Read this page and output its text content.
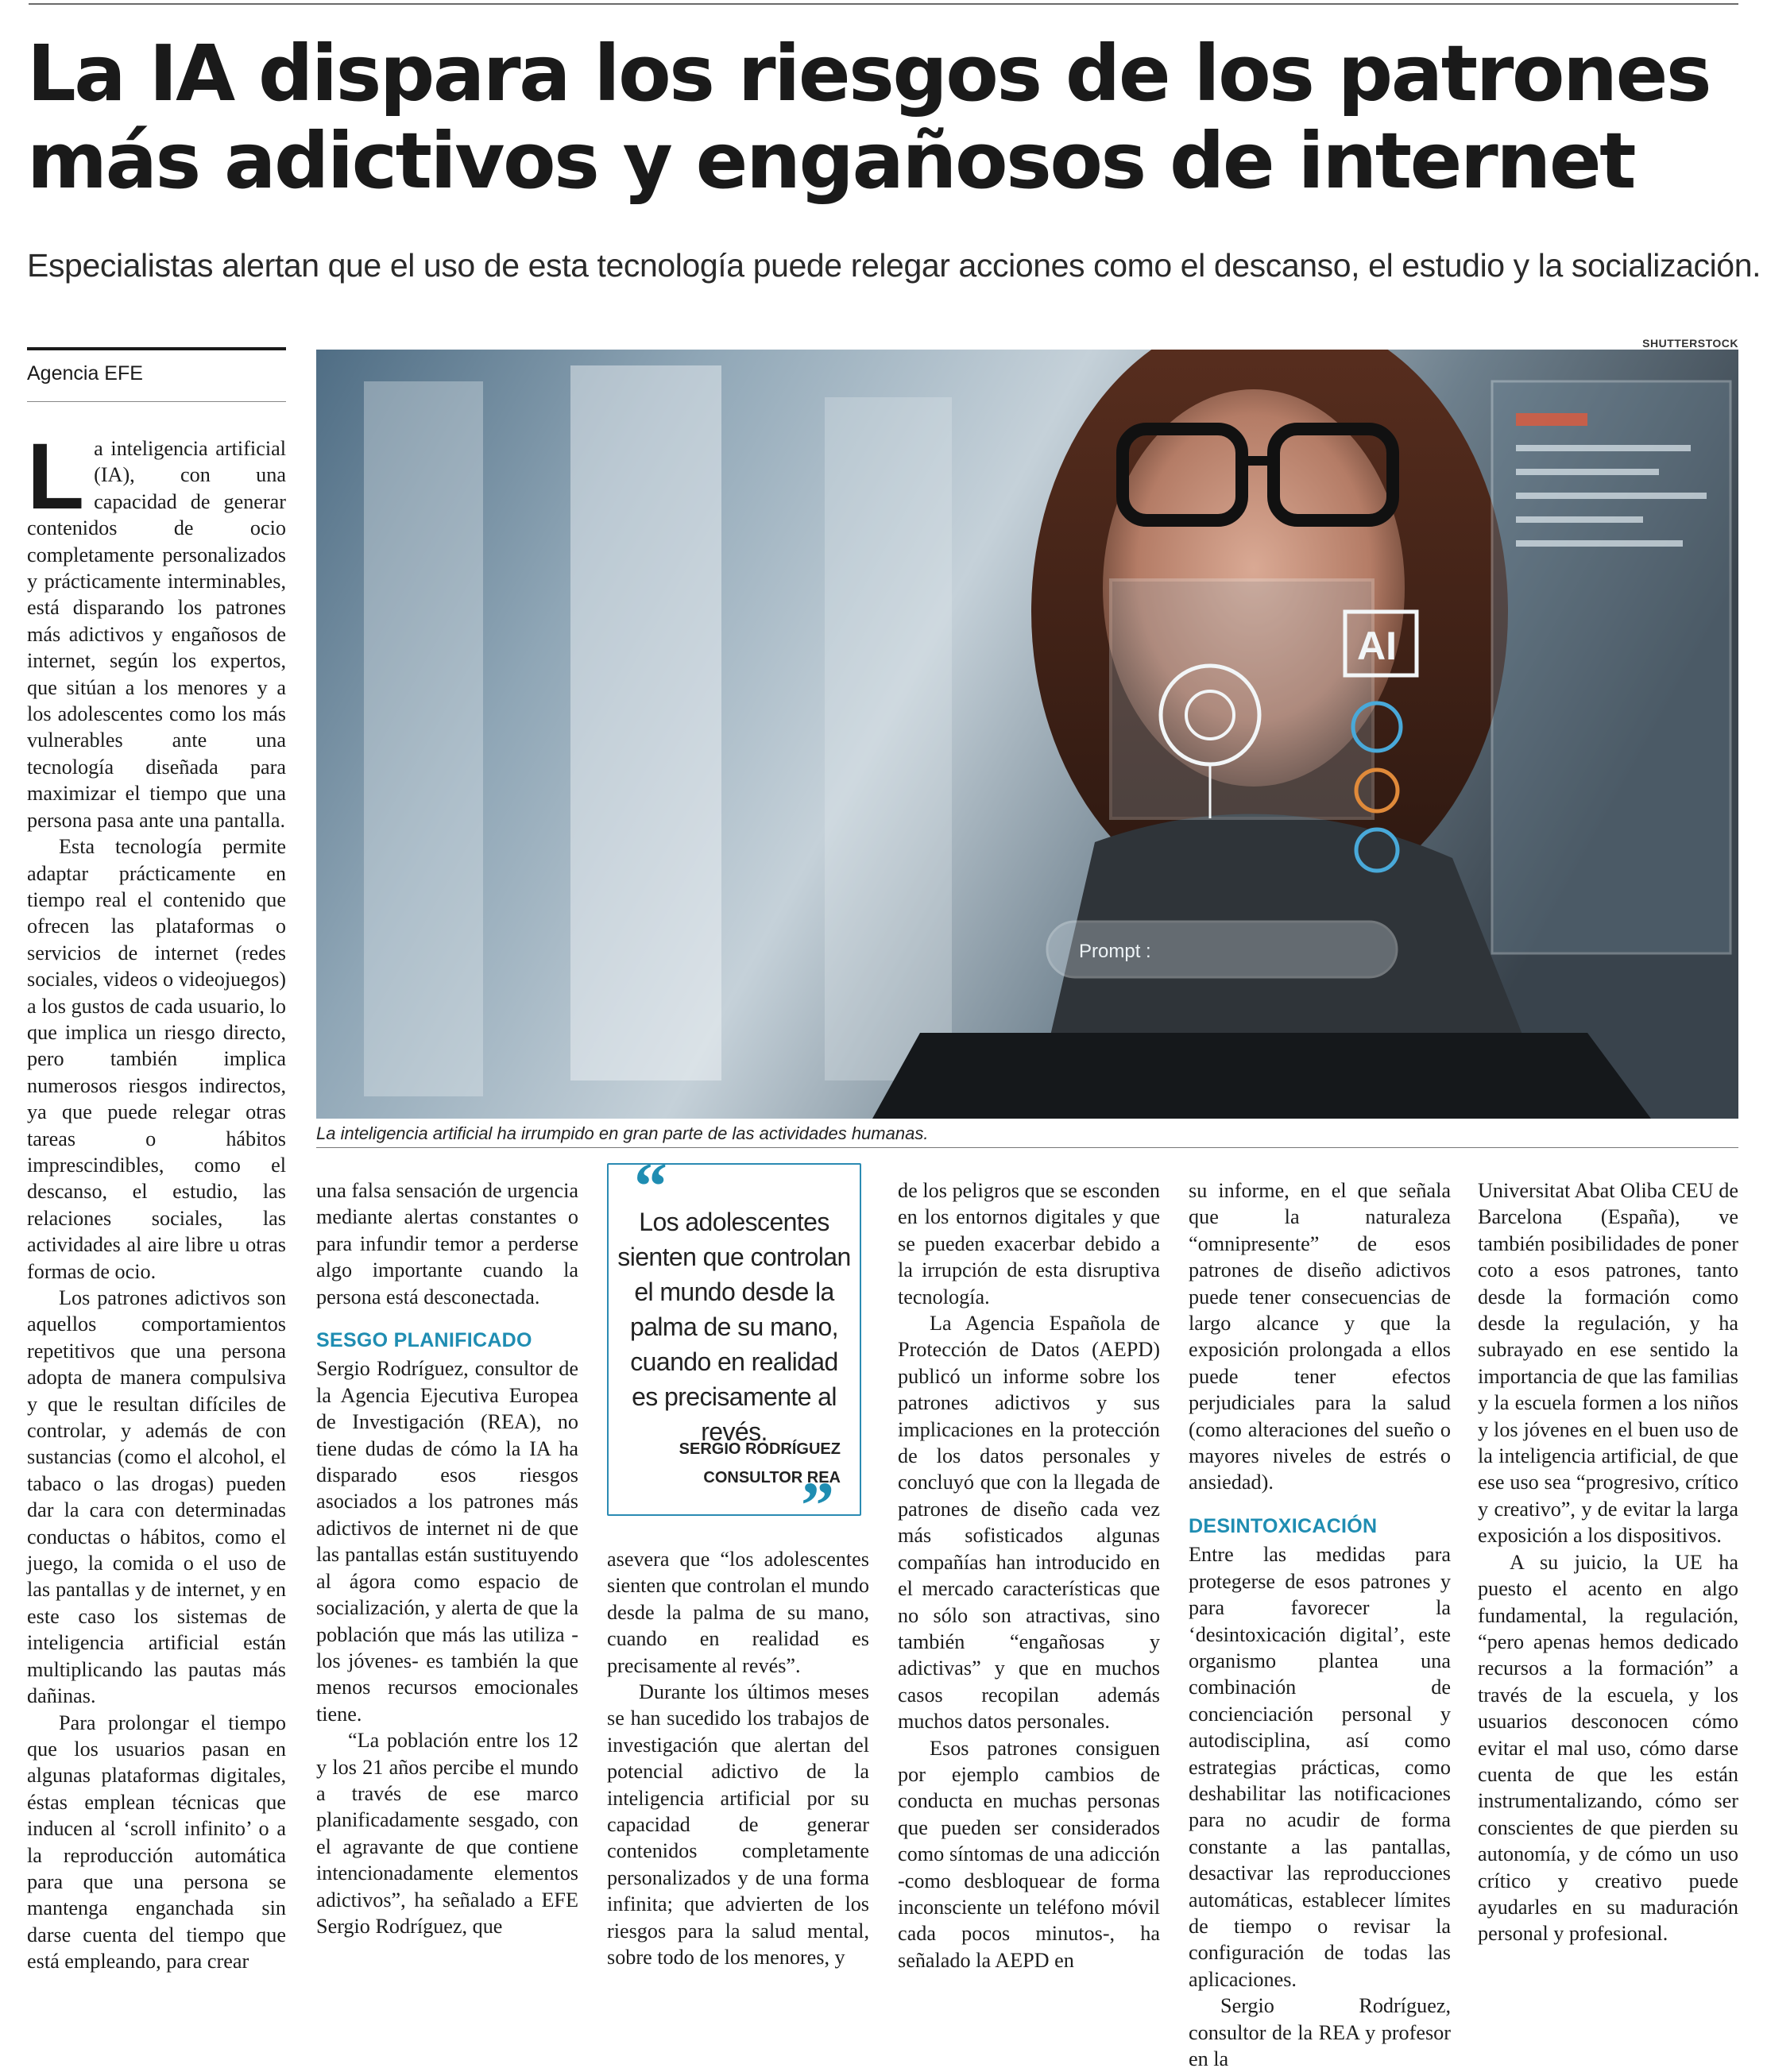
La IA dispara los riesgos de los patrones más adictivos y engañosos de internet

Especialistas alertan que el uso de esta tecnología puede relegar acciones como el descanso, el estudio y la socialización.

Agencia EFE
SHUTTERSTOCK
AI
Prompt :
La inteligencia artificial ha irrumpido en gran parte de las actividades humanas.

La inteligencia artificial (IA), con una capacidad de generar contenidos de ocio completamente personalizados y prácticamente interminables, está disparando los patrones más adictivos y engañosos de internet, según los expertos, que sitúan a los menores y a los adolescentes como los más vulnerables ante una tecnología diseñada para maximizar el tiempo que una persona pasa ante una pantalla.

Esta tecnología permite adaptar prácticamente en tiempo real el contenido que ofrecen las plataformas o servicios de internet (redes sociales, videos o videojuegos) a los gustos de cada usuario, lo que implica un riesgo directo, pero también implica numerosos riesgos indirectos, ya que puede relegar otras tareas o hábitos imprescindibles, como el descanso, el estudio, las relaciones sociales, las actividades al aire libre u otras formas de ocio.

Los patrones adictivos son aquellos comportamientos repetitivos que una persona adopta de manera compulsiva y que le resultan difíciles de controlar, y además de con sustancias (como el alcohol, el tabaco o las drogas) pueden dar la cara con determinadas conductas o hábitos, como el juego, la comida o el uso de las pantallas y de internet, y en este caso los sistemas de inteligencia artificial están multiplicando las pautas más dañinas.

Para prolongar el tiempo que los usuarios pasan en algunas plataformas digitales, éstas emplean técnicas que inducen al ‘scroll infinito’ o a la reproducción automática para que una persona se mantenga enganchada sin darse cuenta del tiempo que está empleando, para crear

una falsa sensación de urgencia mediante alertas constantes o para infundir temor a perderse algo importante cuando la persona está desconectada.

SESGO PLANIFICADO

Sergio Rodríguez, consultor de la Agencia Ejecutiva Europea de Investigación (REA), no tiene dudas de cómo la IA ha disparado esos riesgos asociados a los patrones más adictivos de internet ni de que las pantallas están sustituyendo al ágora como espacio de socialización, y alerta de que la población que más las utiliza -los jóvenes- es también la que menos recursos emocionales tiene.

“La población entre los 12 y los 21 años percibe el mundo a través de ese marco planificadamente sesgado, con el agravante de que contiene intencionadamente elementos adictivos”, ha señalado a EFE Sergio Rodríguez, que

“
Los adolescentes sienten que controlan el mundo desde la palma de su mano, cuando en realidad es precisamente al revés.
SERGIO RODRÍGUEZ
CONSULTOR REA
”

asevera que “los adolescentes sienten que controlan el mundo desde la palma de su mano, cuando en realidad es precisamente al revés”.

Durante los últimos meses se han sucedido los trabajos de investigación que alertan del potencial adictivo de la inteligencia artificial por su capacidad de generar contenidos completamente personalizados y de una forma infinita; que advierten de los riesgos para la salud mental, sobre todo de los menores, y

de los peligros que se esconden en los entornos digitales y que se pueden exacerbar debido a la irrupción de esta disruptiva tecnología.

La Agencia Española de Protección de Datos (AEPD) publicó un informe sobre los patrones adictivos y sus implicaciones en la protección de los datos personales y concluyó que con la llegada de patrones de diseño cada vez más sofisticados algunas compañías han introducido en el mercado características que no sólo son atractivas, sino también “engañosas y adictivas” y que en muchos casos recopilan además muchos datos personales.

Esos patrones consiguen por ejemplo cambios de conducta en muchas personas que pueden ser considerados como síntomas de una adicción -como desbloquear de forma inconsciente un teléfono móvil cada pocos minutos-, ha señalado la AEPD en

su informe, en el que señala que la naturaleza “omnipresente” de esos patrones de diseño adictivos puede tener consecuencias de largo alcance y que la exposición prolongada a ellos puede tener efectos perjudiciales para la salud (como alteraciones del sueño o mayores niveles de estrés o ansiedad).

DESINTOXICACIÓN

Entre las medidas para protegerse de esos patrones y para favorecer la ‘desintoxicación digital’, este organismo plantea una combinación de concienciación personal y autodisciplina, así como estrategias prácticas, como deshabilitar las notificaciones para no acudir de forma constante a las pantallas, desactivar las reproducciones automáticas, establecer límites de tiempo o revisar la configuración de todas las aplicaciones.

Sergio Rodríguez, consultor de la REA y profesor en la

Universitat Abat Oliba CEU de Barcelona (España), ve también posibilidades de poner coto a esos patrones, tanto desde la formación como desde la regulación, y ha subrayado en ese sentido la importancia de que las familias y la escuela formen a los niños y los jóvenes en el buen uso de la inteligencia artificial, de que ese uso sea “progresivo, crítico y creativo”, y de evitar la larga exposición a los dispositivos.

A su juicio, la UE ha puesto el acento en algo fundamental, la regulación, “pero apenas hemos dedicado recursos a la formación” a través de la escuela, y los usuarios desconocen cómo evitar el mal uso, cómo darse cuenta de que les están instrumentalizando, cómo ser conscientes de que pierden su autonomía, y de cómo un uso crítico y creativo puede ayudarles en su maduración personal y profesional.
